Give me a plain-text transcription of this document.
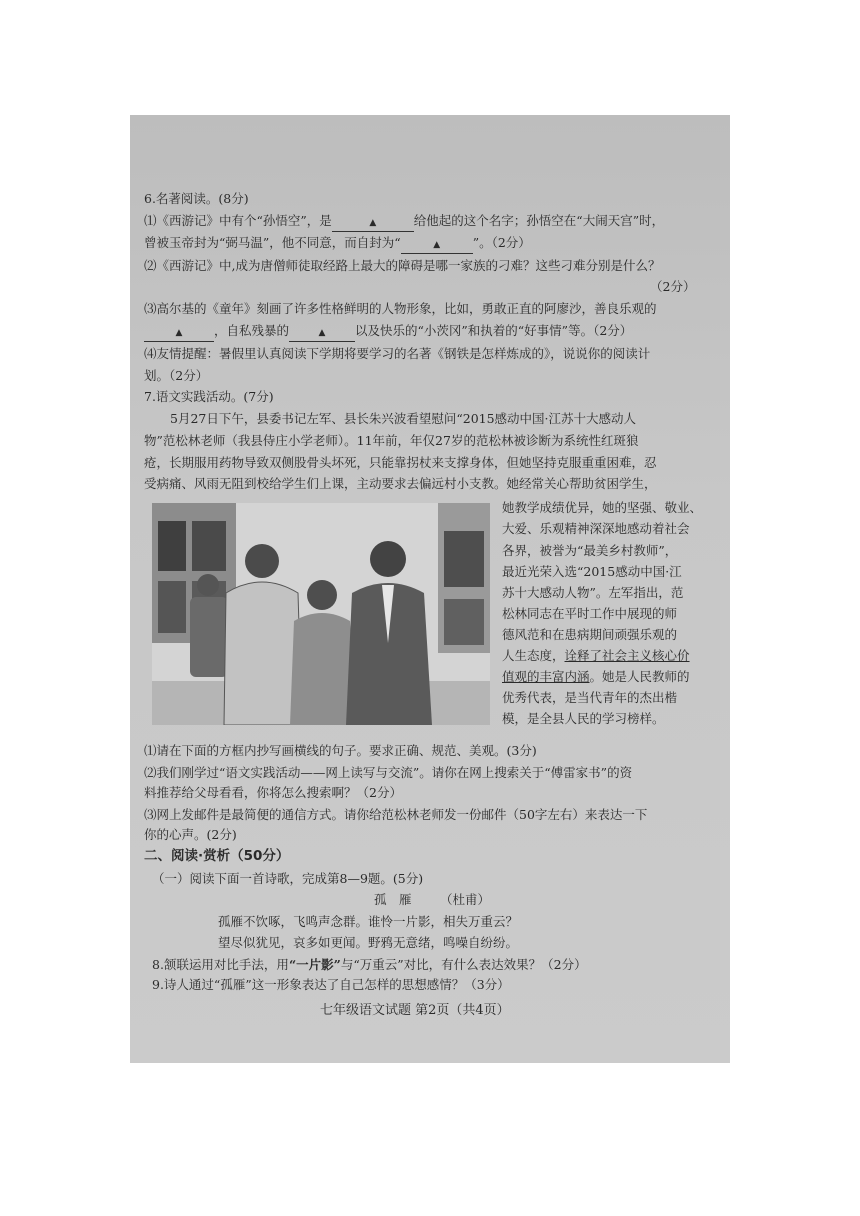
6.名著阅读。(8分)
⑴《西游记》中有个“孙悟空”，是	▲	给他起的这个名字；孙悟空在“大闹天宫”时，
曾被玉帝封为“弼马温”，他不同意，而自封为“	▲	”。（2分）
⑵《西游记》中,成为唐僧师徒取经路上最大的障碍是哪一家族的刁难？这些刁难分别是什么？
（2分）
⑶高尔基的《童年》刻画了许多性格鲜明的人物形象，比如，勇敢正直的阿廖沙，善良乐观的
▲	，自私残暴的	▲ 以及快乐的“小茨冈”和执着的“好事情”等。（2分）
⑷友情提醒：暑假里认真阅读下学期将要学习的名著《钢铁是怎样炼成的》，说说你的阅读计
划。（2分）
7.语文实践活动。(7分)
5月27日下午，县委书记左军、县长朱兴波看望慰问“2015感动中国·江苏十大感动人
物”范松林老师（我县侍庄小学老师）。11年前，年仅27岁的范松林被诊断为系统性红斑狼
疮，长期服用药物导致双侧股骨头坏死，只能靠拐杖来支撑身体，但她坚持克服重重困难，忍
受病痛、风雨无阻到校给学生们上课，主动要求去偏远村小支教。她经常关心帮助贫困学生，
她教学成绩优异，她的坚强、敬业、
大爱、乐观精神深深地感动着社会
各界，被誉为“最美乡村教师”，
最近光荣入选“2015感动中国·江
苏十大感动人物”。左军指出，范
松林同志在平时工作中展现的师
德风范和在患病期间顽强乐观的
人生态度，诠释了社会主义核心价
值观的丰富内涵。她是人民教师的
优秀代表，是当代青年的杰出楷
模，是全县人民的学习榜样。
⑴请在下面的方框内抄写画横线的句子。要求正确、规范、美观。(3分)
⑵我们刚学过“语文实践活动——网上读写与交流”。请你在网上搜索关于“傅雷家书”的资
料推荐给父母看看，你将怎么搜索啊？（2分）
⑶网上发邮件是最简便的通信方式。请你给范松林老师发一份邮件（50字左右）来表达一下
你的心声。(2分)
二、阅读·赏析（50分）
（一）阅读下面一首诗歌，完成第8—9题。(5分)
孤　雁 （杜甫）
孤雁不饮啄，飞鸣声念群。谁怜一片影，相失万重云？
望尽似犹见，哀多如更闻。野鸦无意绪，鸣噪自纷纷。
8.颔联运用对比手法，用“一片影”与“万重云”对比，有什么表达效果？（2分）
9.诗人通过“孤雁”这一形象表达了自己怎样的思想感情？（3分）
七年级语文试题 第2页（共4页）
